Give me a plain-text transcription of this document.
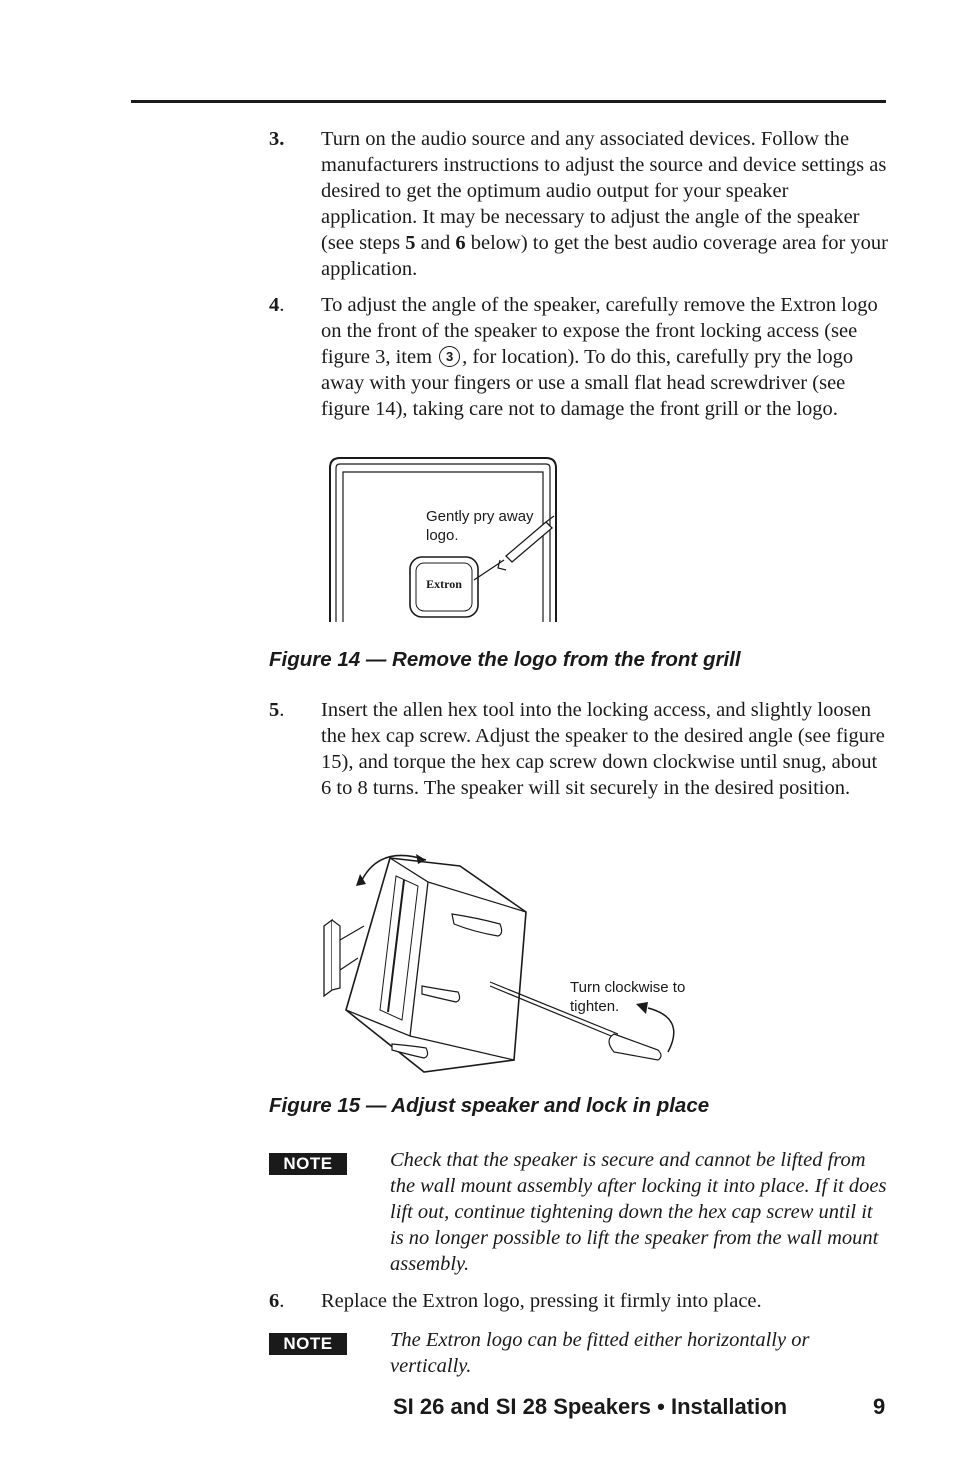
3. Turn on the audio source and any associated devices. Follow the manufacturers instructions to adjust the source and device settings as desired to get the optimum audio output for your speaker application. It may be necessary to adjust the angle of the speaker (see steps 5 and 6 below) to get the best audio coverage area for your application.
4. To adjust the angle of the speaker, carefully remove the Extron logo on the front of the speaker to expose the front locking access (see figure 3, item 3 , for location). To do this, carefully pry the logo away with your fingers or use a small flat head screwdriver (see figure 14), taking care not to damage the front grill or the logo.
Gently pry away logo.
Extron
Figure 14 — Remove the logo from the front grill
5. Insert the allen hex tool into the locking access, and slightly loosen the hex cap screw. Adjust the speaker to the desired angle (see figure 15), and torque the hex cap screw down clockwise until snug, about 6 to 8 turns. The speaker will sit securely in the desired position.
Turn clockwise to tighten.
Figure 15 — Adjust speaker and lock in place
NOTE	Check that the speaker is secure and cannot be lifted from the wall mount assembly after locking it into place. If it does lift out, continue tightening down the hex cap screw until it is no longer possible to lift the speaker from the wall mount assembly.
6. Replace the Extron logo, pressing it firmly into place.
NOTE	The Extron logo can be fitted either horizontally or vertically.
SI 26 and SI 28 Speakers • Installation	9
